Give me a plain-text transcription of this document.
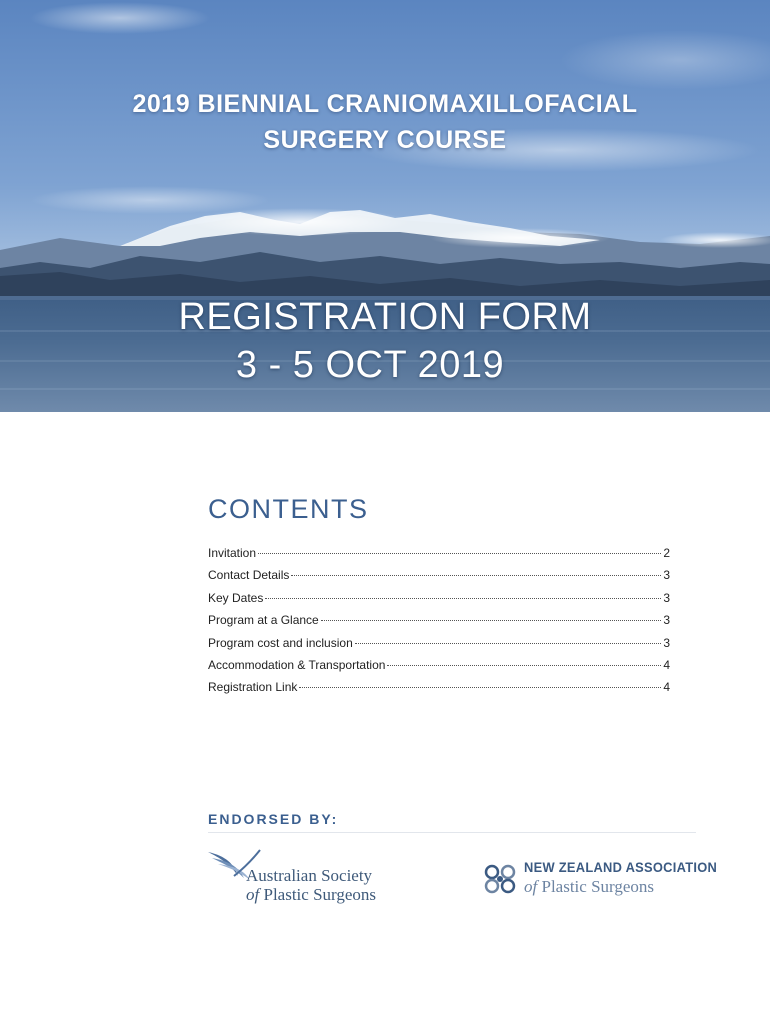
2019 BIENNIAL CRANIOMAXILLOFACIAL
SURGERY COURSE
REGISTRATION FORM
3 - 5 OCT 2019
CONTENTS
Invitation	2
Contact Details	3
Key Dates	3
Program at a Glance	3
Program cost and inclusion	3
Accommodation & Transportation	4
Registration Link	4
ENDORSED BY:
Australian Society
of Plastic Surgeons
NEW ZEALAND ASSOCIATION
of Plastic Surgeons
